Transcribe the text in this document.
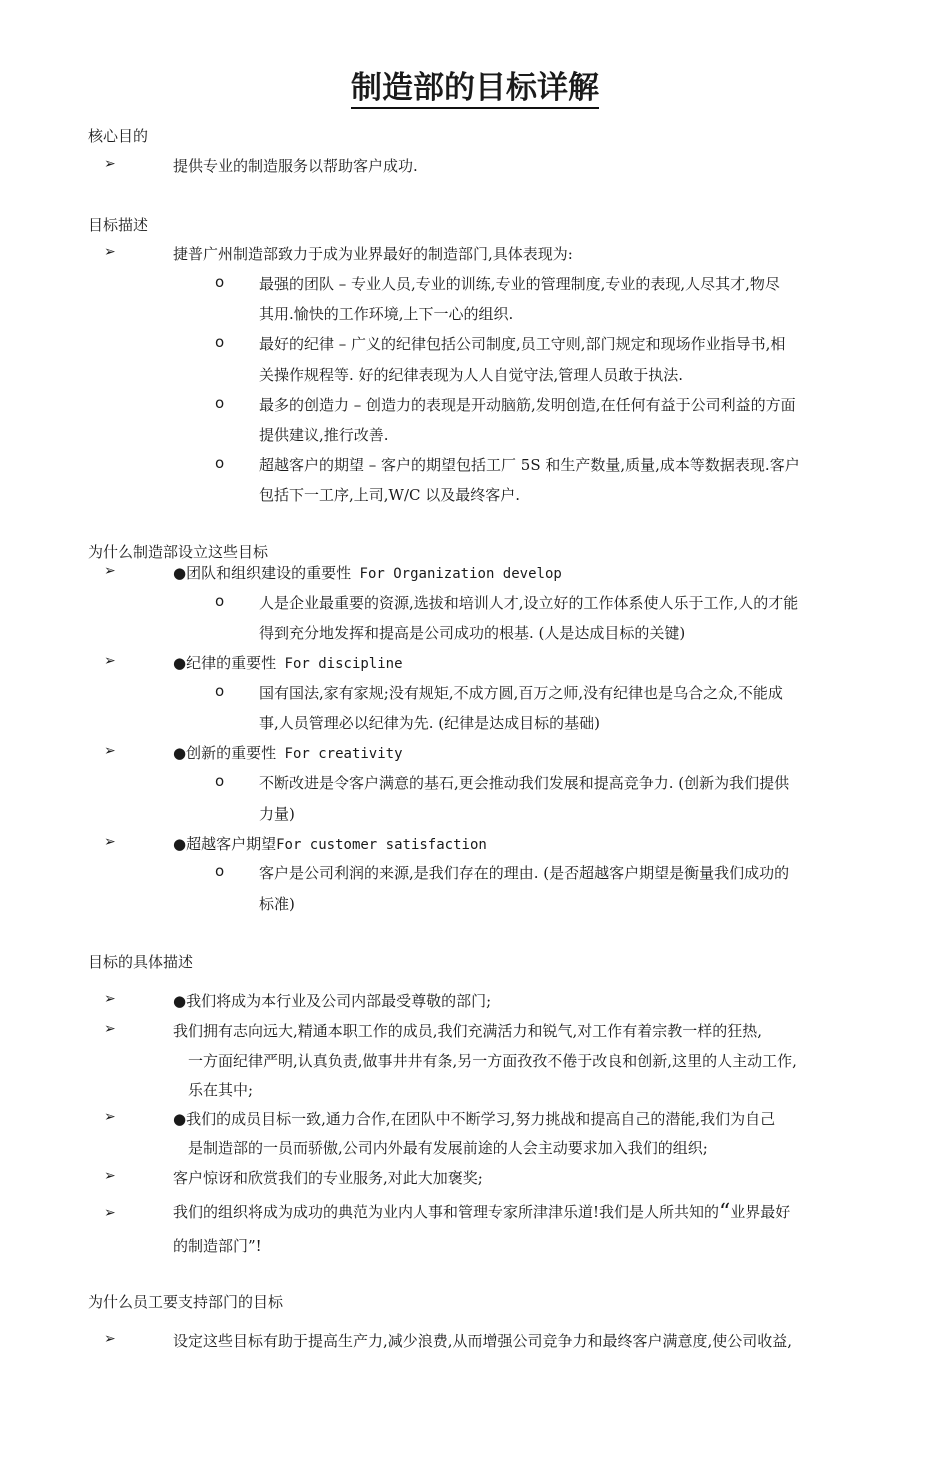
制造部的目标详解
核心目的
➢	提供专业的制造服务以帮助客户成功.
目标描述
➢	捷普广州制造部致力于成为业界最好的制造部门,具体表现为:
o 最强的团队 – 专业人员,专业的训练,专业的管理制度,专业的表现,人尽其才,物尽
其用.愉快的工作环境,上下一心的组织.
o 最好的纪律 – 广义的纪律包括公司制度,员工守则,部门规定和现场作业指导书,相
关操作规程等. 好的纪律表现为人人自觉守法,管理人员敢于执法.
o 最多的创造力 – 创造力的表现是开动脑筋,发明创造,在任何有益于公司利益的方面
提供建议,推行改善.
o 超越客户的期望 – 客户的期望包括工厂 5S 和生产数量,质量,成本等数据表现.客户
包括下一工序,上司,W/C 以及最终客户.
为什么制造部设立这些目标
➢	●团队和组织建设的重要性 For Organization develop
o 人是企业最重要的资源,选拔和培训人才,设立好的工作体系使人乐于工作,人的才能
得到充分地发挥和提高是公司成功的根基. (人是达成目标的关键)
➢	●纪律的重要性 For discipline
o 国有国法,家有家规;没有规矩,不成方圆,百万之师,没有纪律也是乌合之众,不能成
事,人员管理必以纪律为先. (纪律是达成目标的基础)
➢	●创新的重要性 For creativity
o 不断改进是令客户满意的基石,更会推动我们发展和提高竞争力. (创新为我们提供
力量)
➢	●超越客户期望For customer satisfaction
o 客户是公司利润的来源,是我们存在的理由. (是否超越客户期望是衡量我们成功的
标准)
目标的具体描述
➢	●我们将成为本行业及公司内部最受尊敬的部门;
➢	我们拥有志向远大,精通本职工作的成员,我们充满活力和锐气,对工作有着宗教一样的狂热,
一方面纪律严明,认真负责,做事井井有条,另一方面孜孜不倦于改良和创新,这里的人主动工作,
乐在其中;
➢	●我们的成员目标一致,通力合作,在团队中不断学习,努力挑战和提高自己的潜能,我们为自己
是制造部的一员而骄傲,公司内外最有发展前途的人会主动要求加入我们的组织;
➢	客户惊讶和欣赏我们的专业服务,对此大加褒奖;
➢	我们的组织将成为成功的典范为业内人事和管理专家所津津乐道!我们是人所共知的“业界最好
的制造部门”!
为什么员工要支持部门的目标
➢	设定这些目标有助于提高生产力,减少浪费,从而增强公司竞争力和最终客户满意度,使公司收益,
